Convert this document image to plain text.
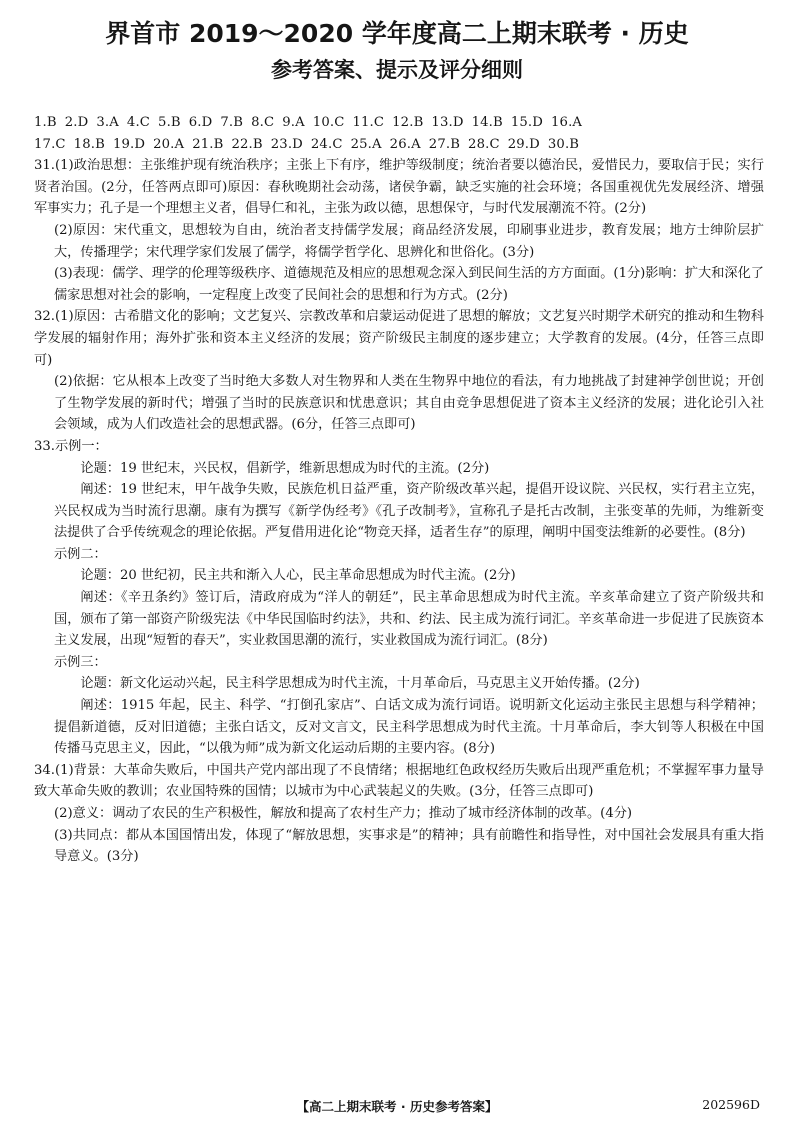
界首市 2019～2020 学年度高二上期末联考 · 历史
参考答案、提示及评分细则
1.B 2.D 3.A 4.C 5.B 6.D 7.B 8.C 9.A 10.C 11.C 12.B 13.D 14.B 15.D 16.A
17.C 18.B 19.D 20.A 21.B 22.B 23.D 24.C 25.A 26.A 27.B 28.C 29.D 30.B
31.(1)政治思想：主张维护现有统治秩序；主张上下有序，维护等级制度；统治者要以德治民，爱惜民力，要取信于民；实行贤者治国。(2分，任答两点即可)原因：春秋晚期社会动荡，诸侯争霸，缺乏实施的社会环境；各国重视优先发展经济、增强军事实力；孔子是一个理想主义者，倡导仁和礼，主张为政以德，思想保守，与时代发展潮流不符。(2分)
(2)原因：宋代重文，思想较为自由，统治者支持儒学发展；商品经济发展，印刷事业进步，教育发展；地方士绅阶层扩大，传播理学；宋代理学家们发展了儒学，将儒学哲学化、思辨化和世俗化。(3分)
(3)表现：儒学、理学的伦理等级秩序、道德规范及相应的思想观念深入到民间生活的方方面面。(1分)影响：扩大和深化了儒家思想对社会的影响，一定程度上改变了民间社会的思想和行为方式。(2分)
32.(1)原因：古希腊文化的影响；文艺复兴、宗教改革和启蒙运动促进了思想的解放；文艺复兴时期学术研究的推动和生物科学发展的辐射作用；海外扩张和资本主义经济的发展；资产阶级民主制度的逐步建立；大学教育的发展。(4分，任答三点即可)
(2)依据：它从根本上改变了当时绝大多数人对生物界和人类在生物界中地位的看法，有力地挑战了封建神学创世说；开创了生物学发展的新时代；增强了当时的民族意识和忧患意识；其自由竞争思想促进了资本主义经济的发展；进化论引入社会领域，成为人们改造社会的思想武器。(6分，任答三点即可)
33.示例一：
论题：19 世纪末，兴民权，倡新学，维新思想成为时代的主流。(2分)
阐述：19 世纪末，甲午战争失败，民族危机日益严重，资产阶级改革兴起，提倡开设议院、兴民权，实行君主立宪，兴民权成为当时流行思潮。康有为撰写《新学伪经考》《孔子改制考》，宣称孔子是托古改制，主张变革的先师，为维新变法提供了合乎传统观念的理论依据。严复借用进化论“物竞天择，适者生存”的原理，阐明中国变法维新的必要性。(8分)
示例二：
论题：20 世纪初，民主共和渐入人心，民主革命思想成为时代主流。(2分)
阐述：《辛丑条约》签订后，清政府成为“洋人的朝廷”，民主革命思想成为时代主流。辛亥革命建立了资产阶级共和国，颁布了第一部资产阶级宪法《中华民国临时约法》，共和、约法、民主成为流行词汇。辛亥革命进一步促进了民族资本主义发展，出现“短暂的春天”，实业救国思潮的流行，实业救国成为流行词汇。(8分)
示例三：
论题：新文化运动兴起，民主科学思想成为时代主流，十月革命后，马克思主义开始传播。(2分)
阐述：1915 年起，民主、科学、“打倒孔家店”、白话文成为流行词语。说明新文化运动主张民主思想与科学精神；提倡新道德，反对旧道德；主张白话文，反对文言文，民主科学思想成为时代主流。十月革命后，李大钊等人积极在中国传播马克思主义，因此，“以俄为师”成为新文化运动后期的主要内容。(8分)
34.(1)背景：大革命失败后，中国共产党内部出现了不良情绪；根据地红色政权经历失败后出现严重危机；不掌握军事力量导致大革命失败的教训；农业国特殊的国情；以城市为中心武装起义的失败。(3分，任答三点即可)
(2)意义：调动了农民的生产积极性，解放和提高了农村生产力；推动了城市经济体制的改革。(4分)
(3)共同点：都从本国国情出发，体现了“解放思想，实事求是”的精神；具有前瞻性和指导性，对中国社会发展具有重大指导意义。(3分)
【高二上期末联考 · 历史参考答案】	202596D
